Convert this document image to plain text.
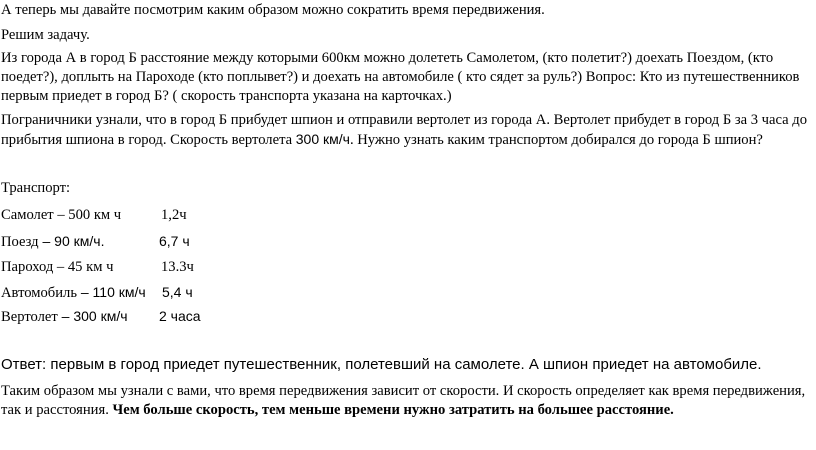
А теперь мы давайте посмотрим каким образом можно сократить время передвижения.
Решим задачу.
Из города А в город Б расстояние между которыми 600км можно долететь Самолетом, (кто полетит?) доехать Поездом, (кто поедет?), доплыть на Пароходе (кто поплывет?) и доехать на автомобиле ( кто сядет за руль?) Вопрос: Кто из путешественников первым приедет в город Б? ( скорость транспорта указана на карточках.)
Пограничники узнали, что в город Б прибудет шпион и отправили вертолет из города А. Вертолет прибудет в город Б за 3 часа до прибытия шпиона в город. Скорость вертолета 300 км/ч. Нужно узнать каким транспортом добирался до города Б шпион?
Транспорт:
Самолет – 500 км ч	1,2ч
Поезд – 90 км/ч.	6,7 ч
Пароход – 45 км ч	13.3ч
Автомобиль – 110 км/ч 5,4 ч
Вертолет – 300 км/ч 2 часа
Ответ: первым в город приедет путешественник, полетевший на самолете. А шпион приедет на автомобиле.
Таким образом мы узнали с вами, что время передвижения зависит от скорости. И скорость определяет как время передвижения, так и расстояния. Чем больше скорость, тем меньше времени нужно затратить на большее расстояние.
